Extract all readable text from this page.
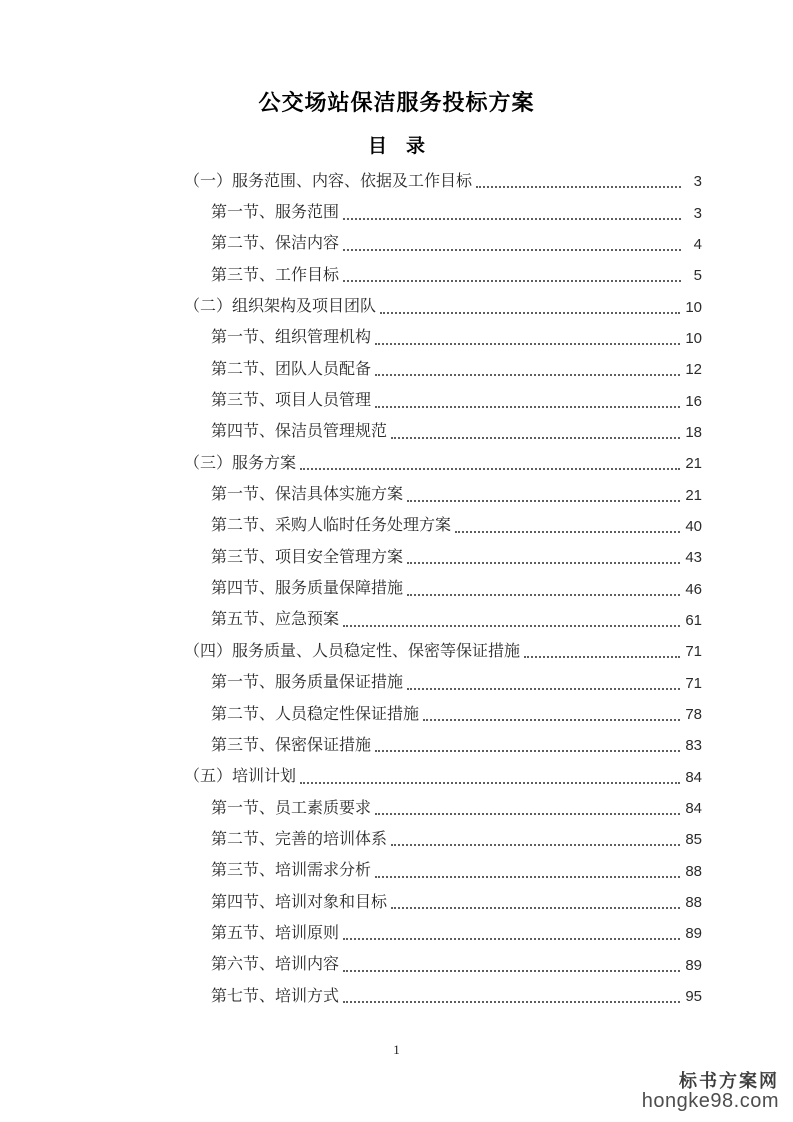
公交场站保洁服务投标方案
目　录
（一）服务范围、内容、依据及工作目标	3
第一节、服务范围	3
第二节、保洁内容	4
第三节、工作目标	5
（二）组织架构及项目团队	10
第一节、组织管理机构	10
第二节、团队人员配备	12
第三节、项目人员管理	16
第四节、保洁员管理规范	18
（三）服务方案	21
第一节、保洁具体实施方案	21
第二节、采购人临时任务处理方案	40
第三节、项目安全管理方案	43
第四节、服务质量保障措施	46
第五节、应急预案	61
（四）服务质量、人员稳定性、保密等保证措施	71
第一节、服务质量保证措施	71
第二节、人员稳定性保证措施	78
第三节、保密保证措施	83
（五）培训计划	84
第一节、员工素质要求	84
第二节、完善的培训体系	85
第三节、培训需求分析	88
第四节、培训对象和目标	88
第五节、培训原则	89
第六节、培训内容	89
第七节、培训方式	95
1
标书方案网
hongke98.com
